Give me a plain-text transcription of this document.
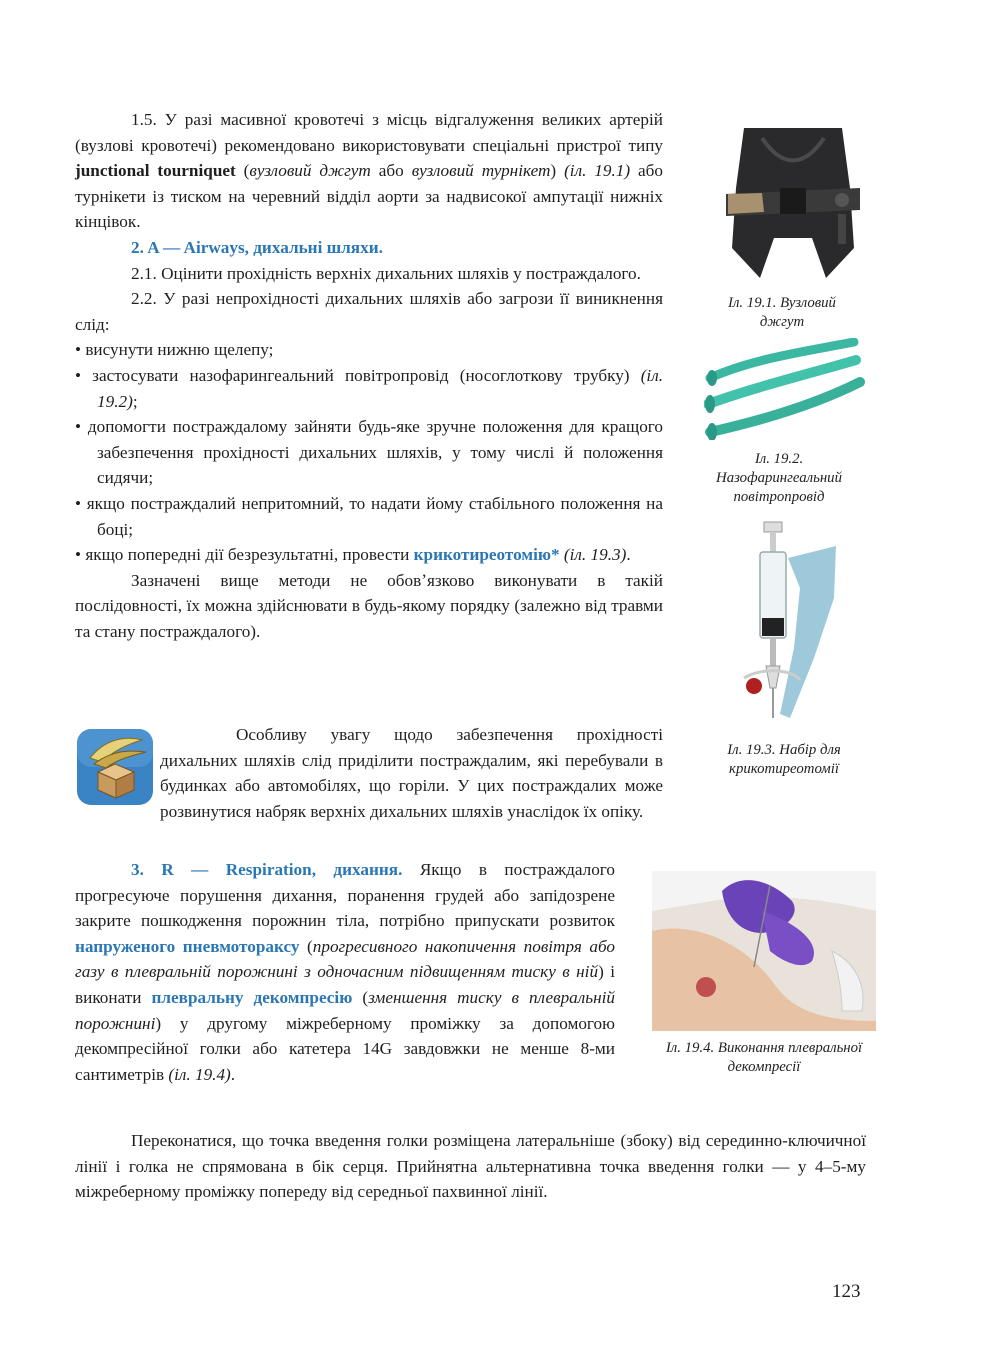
1.5. У разі масивної кровотечі з місць відгалуження великих артерій (вузлові кровотечі) рекомендовано використовувати спеціальні пристрої типу junctional tourniquet (вузловий джгут або вузловий турнікет) (іл. 19.1) або турнікети із тиском на черевний відділ аорти за надвисокої ампутації нижніх кінцівок.

2. A — Airways, дихальні шляхи.

2.1. Оцінити прохідність верхніх дихальних шляхів у постраждалого.

2.2. У разі непрохідності дихальних шляхів або загрози її виникнення слід:

• висунути нижню щелепу;

• застосувати назофарингеальний повітропровід (носоглоткову трубку) (іл. 19.2);

• допомогти постраждалому зайняти будь-яке зручне положення для кращого забезпечення прохідності дихальних шляхів, у тому числі й положення сидячи;

• якщо постраждалий непритомний, то надати йому стабільного положення на боці;

• якщо попередні дії безрезультатні, провести крикотиреотомію* (іл. 19.3).

Зазначені вище методи не обовʼязково виконувати в такій послідовності, їх можна здійснювати в будь-якому порядку (залежно від травми та стану постраждалого).

Особливу увагу щодо забезпечення прохідності дихальних шляхів слід приділити постраждалим, які перебували в будинках або автомобілях, що горіли. У цих постраждалих може розвинутися набряк верхніх дихальних шляхів унаслідок їх опіку.

3. R — Respiration, дихання. Якщо в постраждалого прогресуюче порушення дихання, поранення грудей або запідозрене закрите пошкодження порожнин тіла, потрібно припускати розвиток напруженого пневмотораксу (прогресивного накопичення повітря або газу в плевральній порожнині з одночасним підвищенням тиску в ній) і виконати плевральну декомпресію (зменшення тиску в плевральній порожнині) у другому міжреберному проміжку за допомогою декомпресійної голки або катетера 14G завдовжки не менше 8-ми сантиметрів (іл. 19.4).

Переконатися, що точка введення голки розміщена латеральніше (збоку) від серединно-ключичної лінії і голка не спрямована в бік серця. Прийнятна альтернативна точка введення голки — у 4–5-му міжреберному проміжку попереду від середньої пахвинної лінії.

Іл. 19.1. Вузловий джгут
Іл. 19.2. Назофарингеальний повітропровід
Іл. 19.3. Набір для крикотиреотомії
Іл. 19.4. Виконання плевральної декомпресії
123
